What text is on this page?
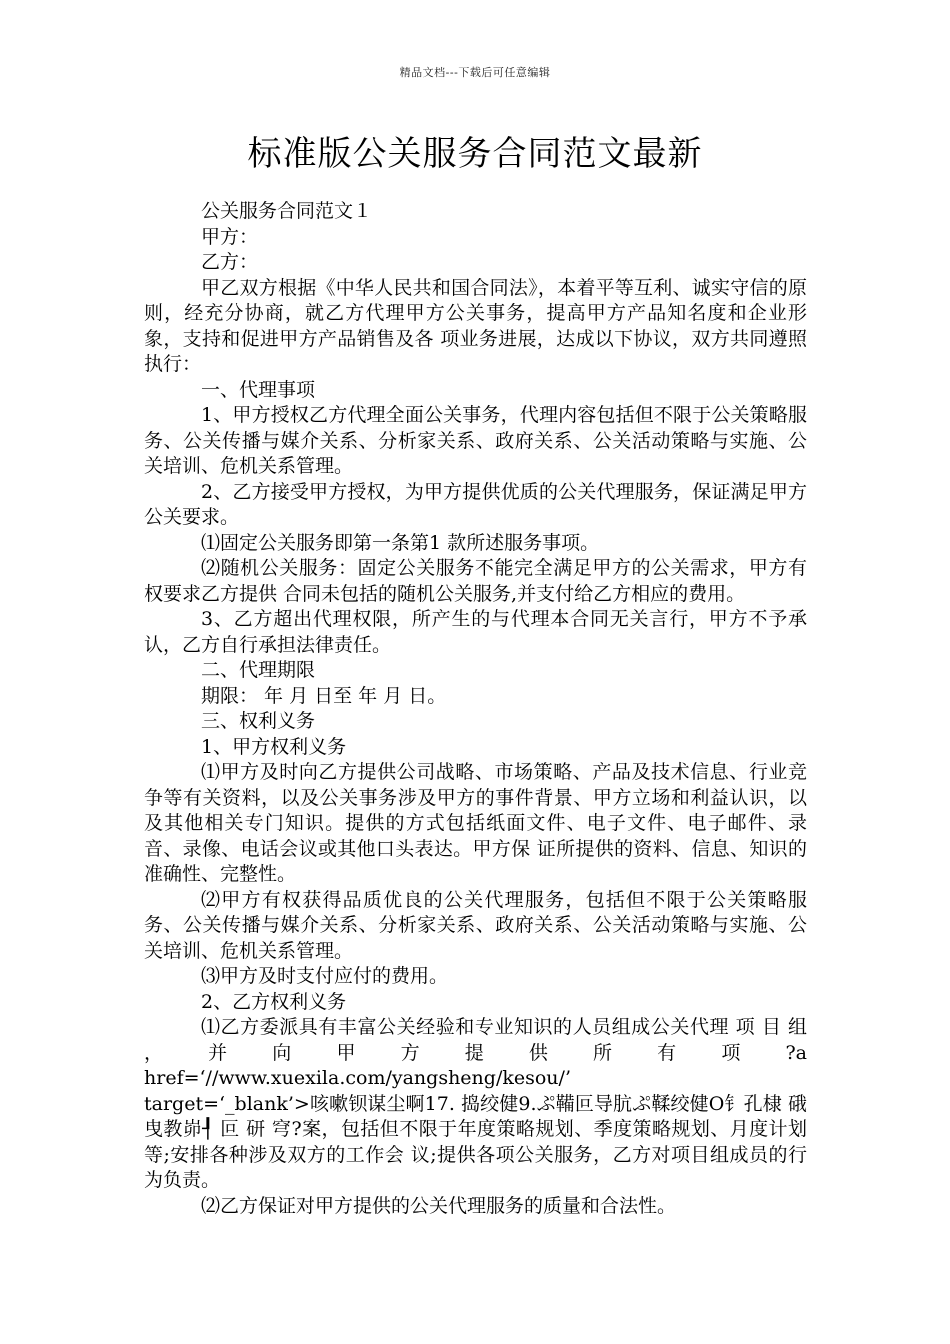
精品文档---下载后可任意编辑
标准版公关服务合同范文最新

公关服务合同范文１

甲方：

乙方：

甲乙双方根据《中华人民共和国合同法》，本着平等互利、诚实守信的原则，经充分协商，就乙方代理甲方公关事务，提高甲方产品知名度和企业形象，支持和促进甲方产品销售及各 项业务进展，达成以下协议，双方共同遵照执行：

一、代理事项

1、甲方授权乙方代理全面公关事务，代理内容包括但不限于公关策略服务、公关传播与媒介关系、分析家关系、政府关系、公关活动策略与实施、公关培训、危机关系管理。

2、乙方接受甲方授权，为甲方提供优质的公关代理服务，保证满足甲方公关要求。

⑴固定公关服务即第一条第1 款所述服务事项。

⑵随机公关服务：固定公关服务不能完全满足甲方的公关需求，甲方有权要求乙方提供 合同未包括的随机公关服务,并支付给乙方相应的费用。

3、乙方超出代理权限，所产生的与代理本合同无关言行，甲方不予承认，乙方自行承担法律责任。

二、代理期限

期限： 年 月 日至 年 月 日。

三、权利义务

1、甲方权利义务

⑴甲方及时向乙方提供公司战略、市场策略、产品及技术信息、行业竞争等有关资料，以及公关事务涉及甲方的事件背景、甲方立场和利益认识，以及其他相关专门知识。提供的方式包括纸面文件、电子文件、电子邮件、录音、录像、电话会议或其他口头表达。甲方保 证所提供的资料、信息、知识的准确性、完整性。

⑵甲方有权获得品质优良的公关代理服务，包括但不限于公关策略服务、公关传播与媒介关系、分析家关系、政府关系、公关活动策略与实施、公关培训、危机关系管理。

⑶甲方及时支付应付的费用。

2、乙方权利义务

⑴乙方委派具有丰富公关经验和专业知识的人员组成公关代理 项 目 组 ， 并 向 甲 方 提 供 所 有 项 ?a

href=‘//www.xuexila.com/yangsheng/kesou/’

target=‘_blank’>咳嗽钡谋尘啊17. 捣绞健9.ぷ鞴叵导肮ぷ鞣绞健O钅孔棣 硪曳教峁┦ 叵 研 穹?案，包括但不限于年度策略规划、季度策略规划、月度计划等;安排各种涉及双方的工作会 议;提供各项公关服务，乙方对项目组成员的行为负责。

⑵乙方保证对甲方提供的公关代理服务的质量和合法性。
